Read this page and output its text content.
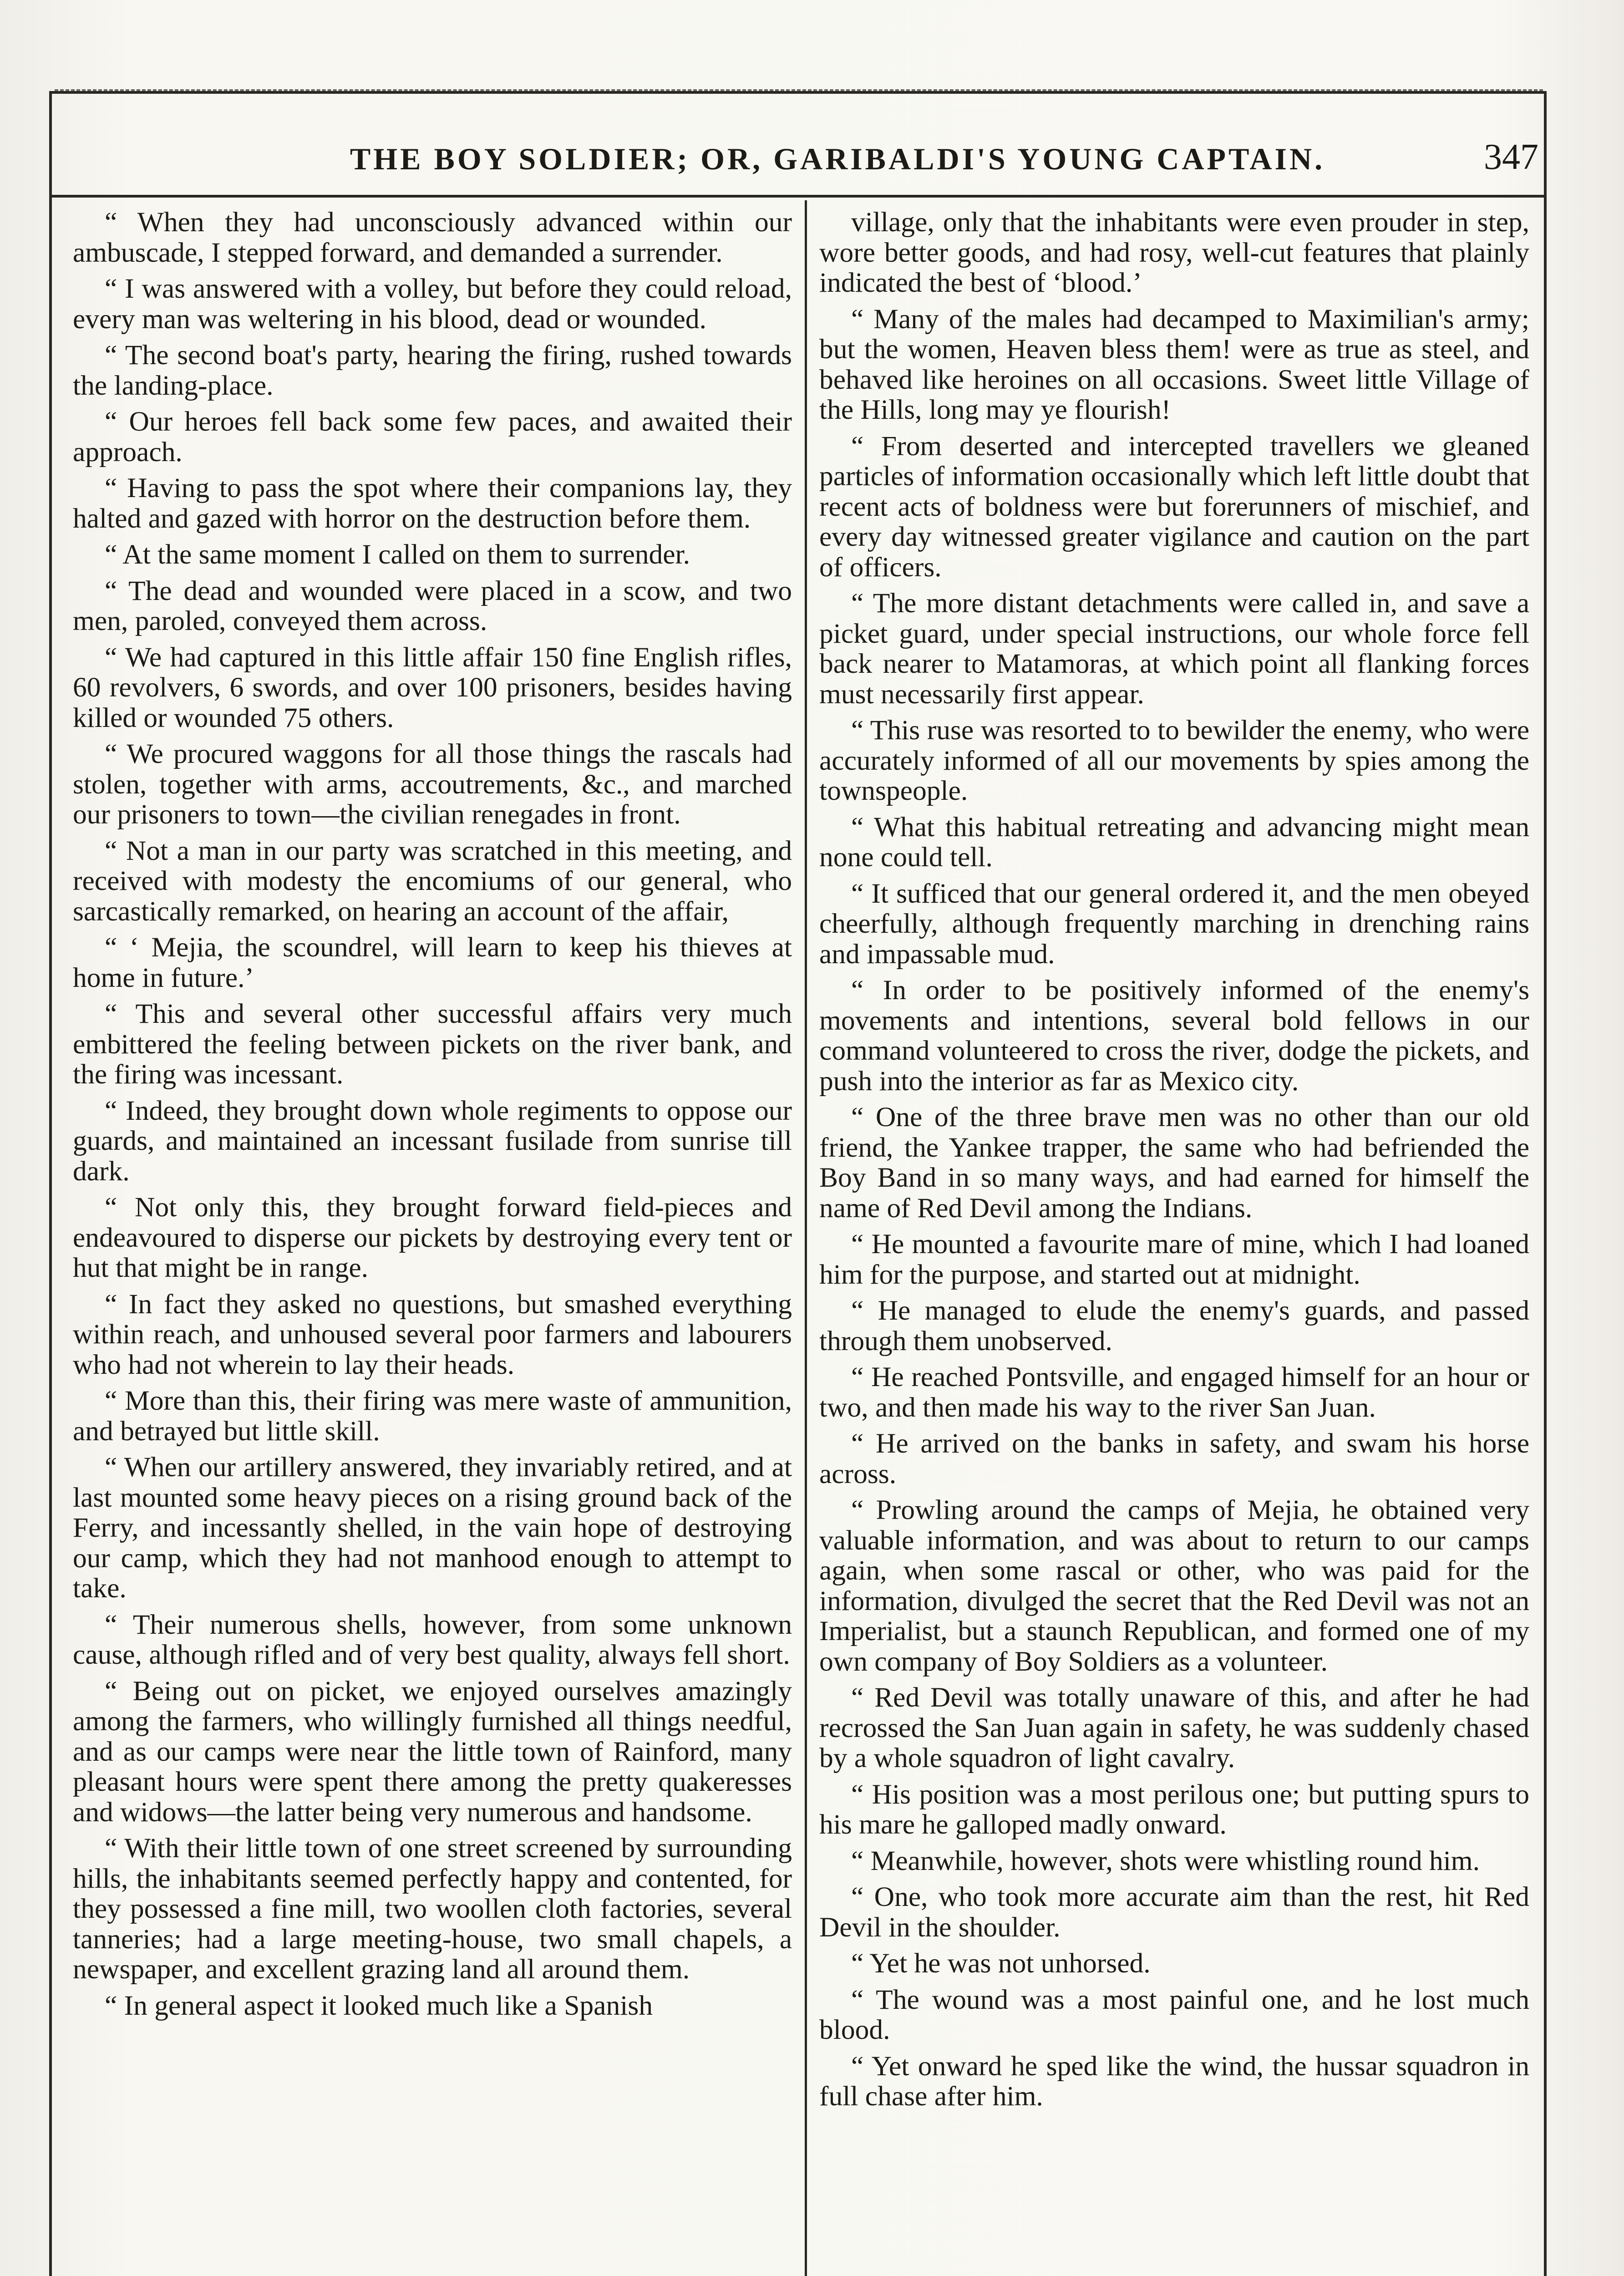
THE BOY SOLDIER; OR, GARIBALDI'S YOUNG CAPTAIN.	347

“ When they had unconsciously advanced within our ambuscade, I stepped forward, and demanded a surrender.

“ I was answered with a volley, but before they could reload, every man was weltering in his blood, dead or wounded.

“ The second boat's party, hearing the firing, rushed towards the landing-place.

“ Our heroes fell back some few paces, and awaited their approach.

“ Having to pass the spot where their companions lay, they halted and gazed with horror on the destruction before them.

“ At the same moment I called on them to surrender.

“ The dead and wounded were placed in a scow, and two men, paroled, conveyed them across.

“ We had captured in this little affair 150 fine English rifles, 60 revolvers, 6 swords, and over 100 prisoners, besides having killed or wounded 75 others.

“ We procured waggons for all those things the rascals had stolen, together with arms, accoutrements, &c., and marched our prisoners to town—the civilian renegades in front.

“ Not a man in our party was scratched in this meeting, and received with modesty the encomiums of our general, who sarcastically remarked, on hearing an account of the affair,

“ ‘ Mejia, the scoundrel, will learn to keep his thieves at home in future.’

“ This and several other successful affairs very much embittered the feeling between pickets on the river bank, and the firing was incessant.

“ Indeed, they brought down whole regiments to oppose our guards, and maintained an incessant fusilade from sunrise till dark.

“ Not only this, they brought forward field-pieces and endeavoured to disperse our pickets by destroying every tent or hut that might be in range.

“ In fact they asked no questions, but smashed everything within reach, and unhoused several poor farmers and labourers who had not wherein to lay their heads.

“ More than this, their firing was mere waste of ammunition, and betrayed but little skill.

“ When our artillery answered, they invariably retired, and at last mounted some heavy pieces on a rising ground back of the Ferry, and incessantly shelled, in the vain hope of destroying our camp, which they had not manhood enough to attempt to take.

“ Their numerous shells, however, from some unknown cause, although rifled and of very best quality, always fell short.

“ Being out on picket, we enjoyed ourselves amazingly among the farmers, who willingly furnished all things needful, and as our camps were near the little town of Rainford, many pleasant hours were spent there among the pretty quakeresses and widows—the latter being very numerous and handsome.

“ With their little town of one street screened by surrounding hills, the inhabitants seemed perfectly happy and contented, for they possessed a fine mill, two woollen cloth factories, several tanneries; had a large meeting-house, two small chapels, a newspaper, and excellent grazing land all around them.

“ In general aspect it looked much like a Spanish

village, only that the inhabitants were even prouder in step, wore better goods, and had rosy, well-cut features that plainly indicated the best of ‘blood.’

“ Many of the males had decamped to Maximilian's army; but the women, Heaven bless them! were as true as steel, and behaved like heroines on all occasions. Sweet little Village of the Hills, long may ye flourish!

“ From deserted and intercepted travellers we gleaned particles of information occasionally which left little doubt that recent acts of boldness were but forerunners of mischief, and every day witnessed greater vigilance and caution on the part of officers.

“ The more distant detachments were called in, and save a picket guard, under special instructions, our whole force fell back nearer to Matamoras, at which point all flanking forces must necessarily first appear.

“ This ruse was resorted to to bewilder the enemy, who were accurately informed of all our movements by spies among the townspeople.

“ What this habitual retreating and advancing might mean none could tell.

“ It sufficed that our general ordered it, and the men obeyed cheerfully, although frequently marching in drenching rains and impassable mud.

“ In order to be positively informed of the enemy's movements and intentions, several bold fellows in our command volunteered to cross the river, dodge the pickets, and push into the interior as far as Mexico city.

“ One of the three brave men was no other than our old friend, the Yankee trapper, the same who had befriended the Boy Band in so many ways, and had earned for himself the name of Red Devil among the Indians.

“ He mounted a favourite mare of mine, which I had loaned him for the purpose, and started out at midnight.

“ He managed to elude the enemy's guards, and passed through them unobserved.

“ He reached Pontsville, and engaged himself for an hour or two, and then made his way to the river San Juan.

“ He arrived on the banks in safety, and swam his horse across.

“ Prowling around the camps of Mejia, he obtained very valuable information, and was about to return to our camps again, when some rascal or other, who was paid for the information, divulged the secret that the Red Devil was not an Imperialist, but a staunch Republican, and formed one of my own company of Boy Soldiers as a volunteer.

“ Red Devil was totally unaware of this, and after he had recrossed the San Juan again in safety, he was suddenly chased by a whole squadron of light cavalry.

“ His position was a most perilous one; but putting spurs to his mare he galloped madly onward.

“ Meanwhile, however, shots were whistling round him.

“ One, who took more accurate aim than the rest, hit Red Devil in the shoulder.

“ Yet he was not unhorsed.

“ The wound was a most painful one, and he lost much blood.

“ Yet onward he sped like the wind, the hussar squadron in full chase after him.
